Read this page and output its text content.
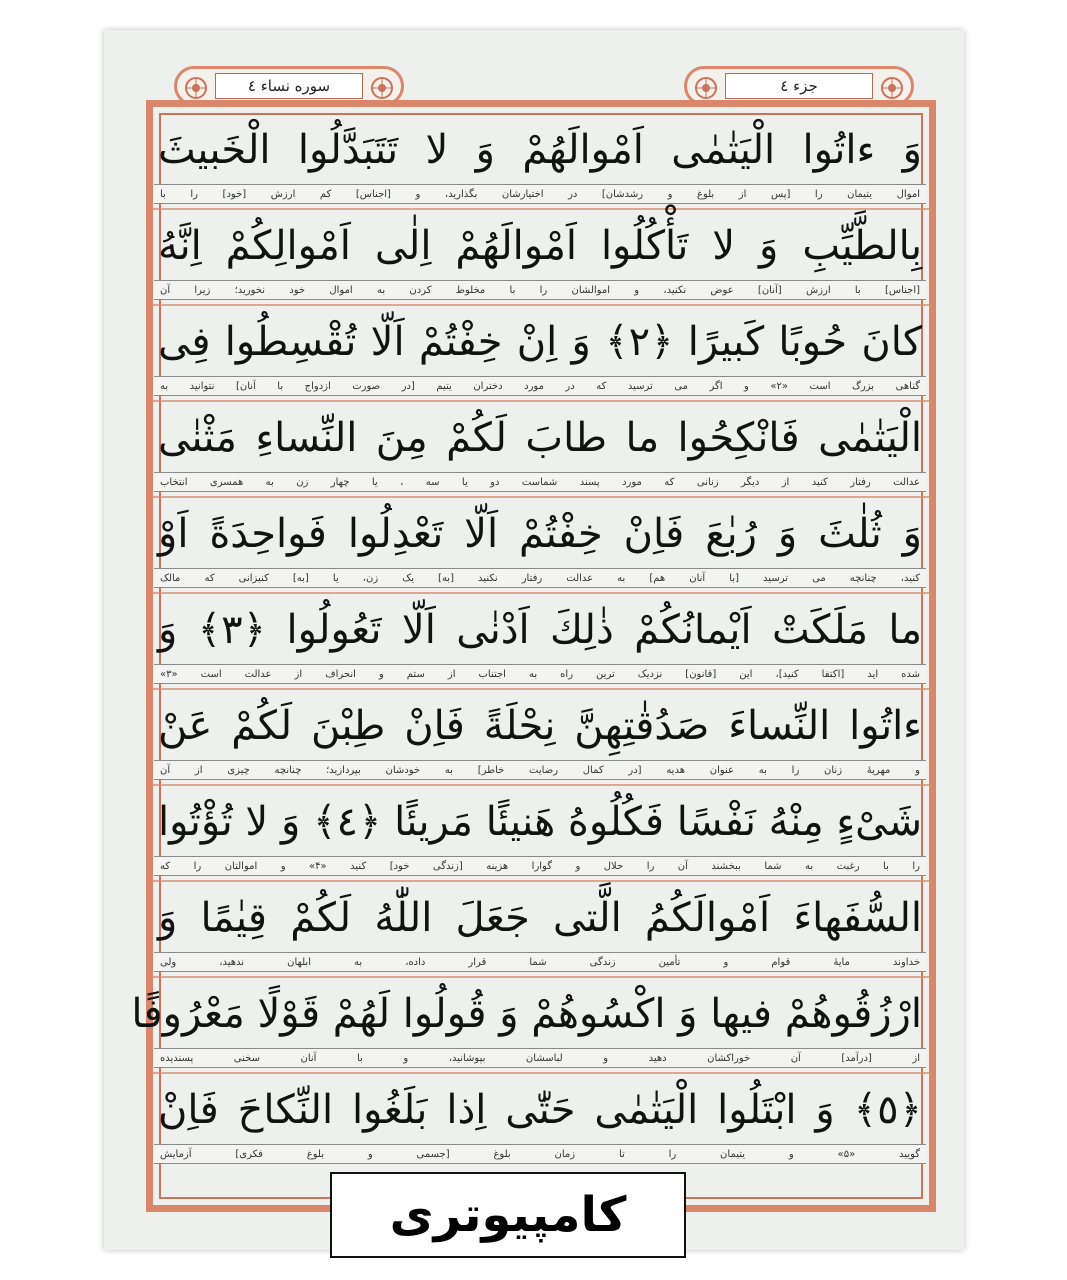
سوره نساء ٤	جزء ٤
وَ ءاتُوا الْيَتٰمٰى اَمْوالَهُمْ وَ لا تَتَبَدَّلُوا الْخَبيثَ
اموال یتیمان را [پس از بلوغ و رشدشان] در اختیارشان بگذارید، و [اجناس] کم ارزش [خود] را با
بِالطَّيِّبِ وَ لا تَأْكُلُوا اَمْوالَهُمْ اِلٰى اَمْوالِكُمْ اِنَّهُ
[اجناس] با ارزش [آنان] عوض نکنید، و اموالشان را با مخلوط کردن به اموال خود نخورید؛ زیرا آن
كانَ حُوبًا كَبيرًا ﴿٢﴾ وَ اِنْ خِفْتُمْ اَلّا تُقْسِطُوا فِى
گناهی بزرگ است «۲» و اگر می ترسید که در مورد دختران یتیم [در صورت ازدواج با آنان] نتوانید به
الْيَتٰمٰى فَانْكِحُوا ما طابَ لَكُمْ مِنَ النِّساءِ مَثْنٰى
عدالت رفتار کنید از دیگر زنانی که مورد پسند شماست دو یا سه ، یا چهار زن به همسری انتخاب
وَ ثُلٰثَ وَ رُبٰعَ فَاِنْ خِفْتُمْ اَلّا تَعْدِلُوا فَواحِدَةً اَوْ
کنید، چنانچه می ترسید [با آنان هم] به عدالت رفتار نکنید [به] یک زن، یا [به] کنیزانی که مالک
ما مَلَكَتْ اَيْمانُكُمْ ذٰلِكَ اَدْنٰى اَلّا تَعُولُوا ﴿٣﴾ وَ
شده اید [اکتفا کنید]، این [قانون] نزدیک ترین راه به اجتناب از ستم و انحراف از عدالت است «۳»
ءاتُوا النِّساءَ صَدُقٰتِهِنَّ نِحْلَةً فَاِنْ طِبْنَ لَكُمْ عَنْ
و مهریهٔ زنان را به عنوان هدیه [در کمال رضایت خاطر] به خودشان بپردازید؛ چنانچه چیزی از آن
شَىْءٍ مِنْهُ نَفْسًا فَكُلُوهُ هَنيئًا مَريئًا ﴿٤﴾ وَ لا تُؤْتُوا
را با رغبت به شما ببخشند آن را حلال و گوارا هزینه [زندگی خود] کنید «۴» و اموالتان را که
السُّفَهاءَ اَمْوالَكُمُ الَّتى جَعَلَ اللّٰهُ لَكُمْ قِيٰمًا وَ
خداوند مایهٔ قوام و تأمین زندگی شما قرار داده، به ابلهان ندهید، ولی
ارْزُقُوهُمْ فيها وَ اكْسُوهُمْ وَ قُولُوا لَهُمْ قَوْلًا مَعْرُوفًا
از [درآمد] آن خوراکشان دهید و لباسشان بپوشانید، و با آنان سخنی پسندیده
﴿٥﴾ وَ ابْتَلُوا الْيَتٰمٰى حَتّٰى اِذا بَلَغُوا النِّكاحَ فَاِنْ
گویید «۵» و یتیمان را تا زمان بلوغ [جسمی و بلوغ فکری] آزمایش
کامپیوتری
